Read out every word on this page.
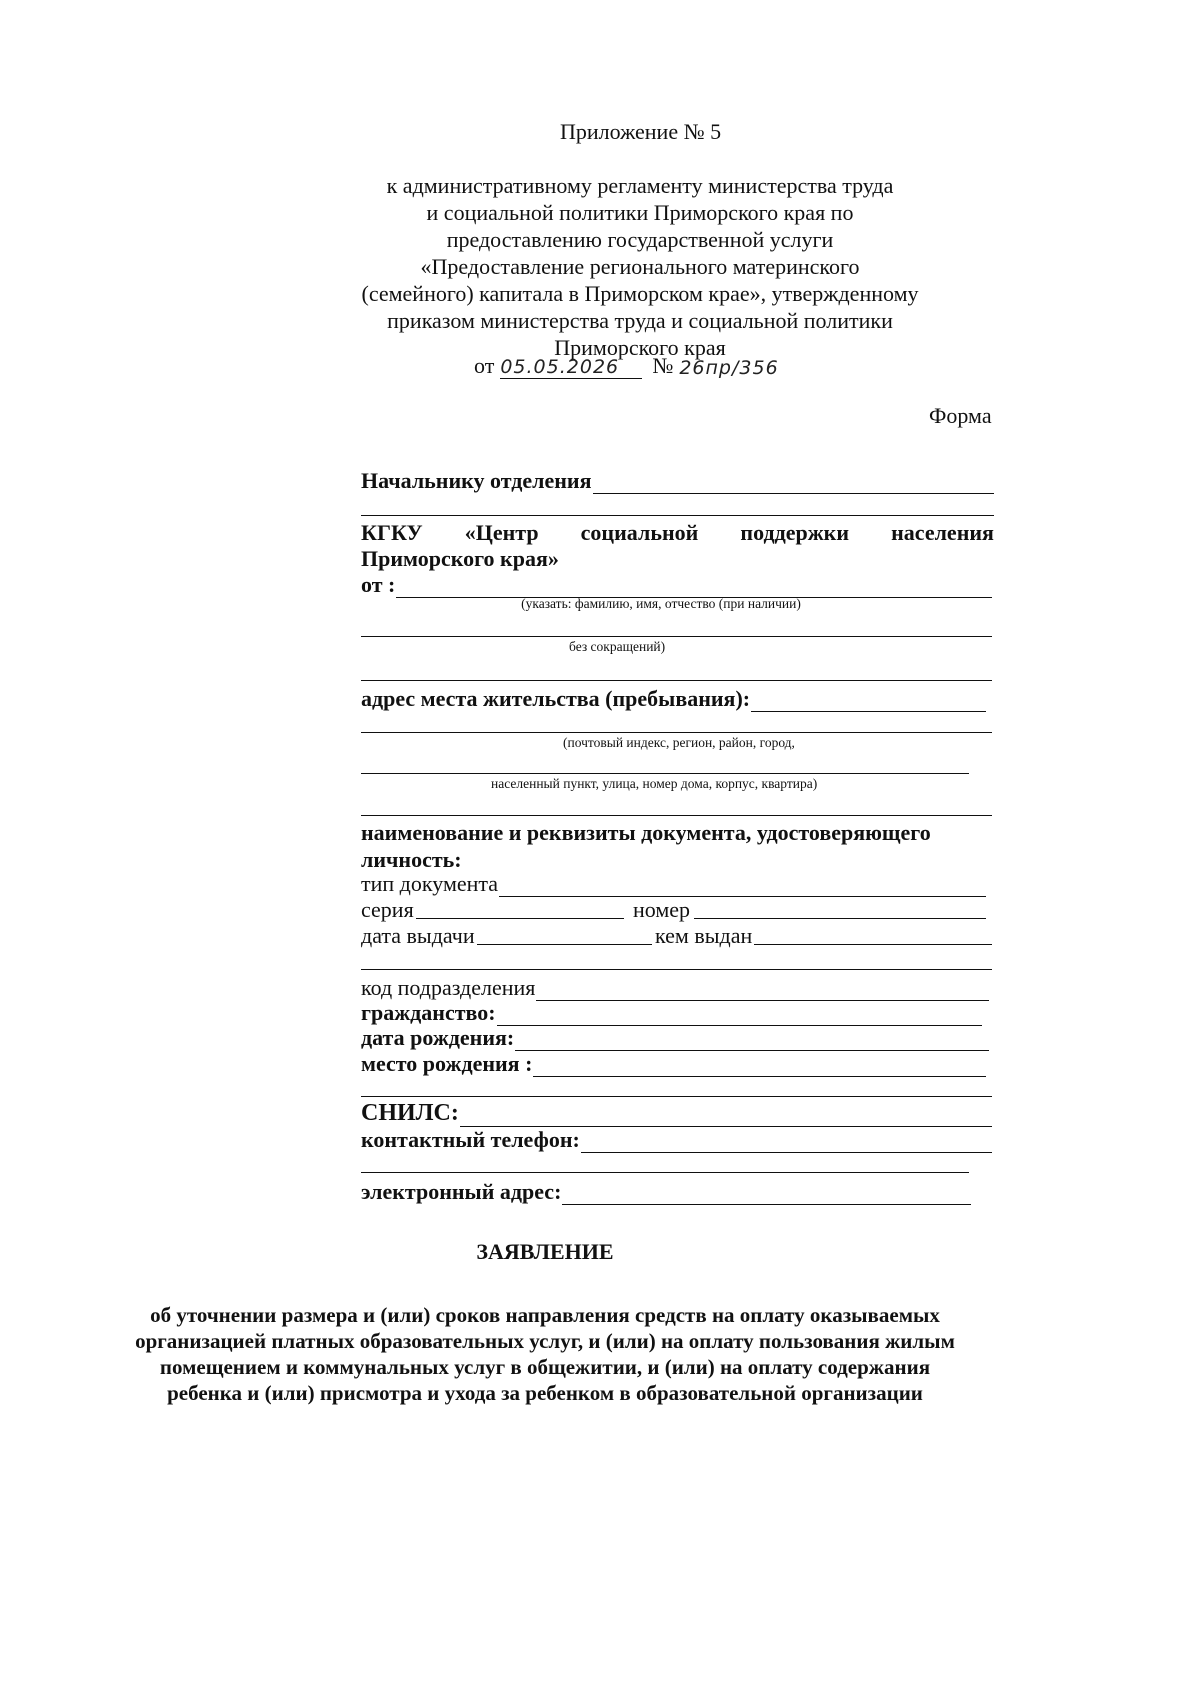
Приложение № 5
к административному регламенту министерства труда
и социальной политики Приморского края по
предоставлению государственной услуги
«Предоставление регионального материнского
(семейного) капитала в Приморском крае», утвержденному
приказом министерства труда и социальной политики
Приморского края
от 05.05.2026	№ 26пр/356
Форма
Начальнику отделения
КГКУ «Центр социальной поддержки населения
Приморского края»
от :
(указать: фамилию, имя, отчество (при наличии)
без сокращений)
адрес места жительства (пребывания):
(почтовый индекс, регион, район, город,
населенный пункт, улица, номер дома, корпус, квартира)
наименование и реквизиты документа, удостоверяющего
личность:
тип документа
серия	номер
дата выдачи	кем выдан
код подразделения
гражданство:
дата рождения:
место рождения :
СНИЛС:
контактный телефон:
электронный адрес:
ЗАЯВЛЕНИЕ
об уточнении размера и (или) сроков направления средств на оплату оказываемых
организацией платных образовательных услуг, и (или) на оплату пользования жилым
помещением и коммунальных услуг в общежитии, и (или) на оплату содержания
ребенка и (или) присмотра и ухода за ребенком в образовательной организации
